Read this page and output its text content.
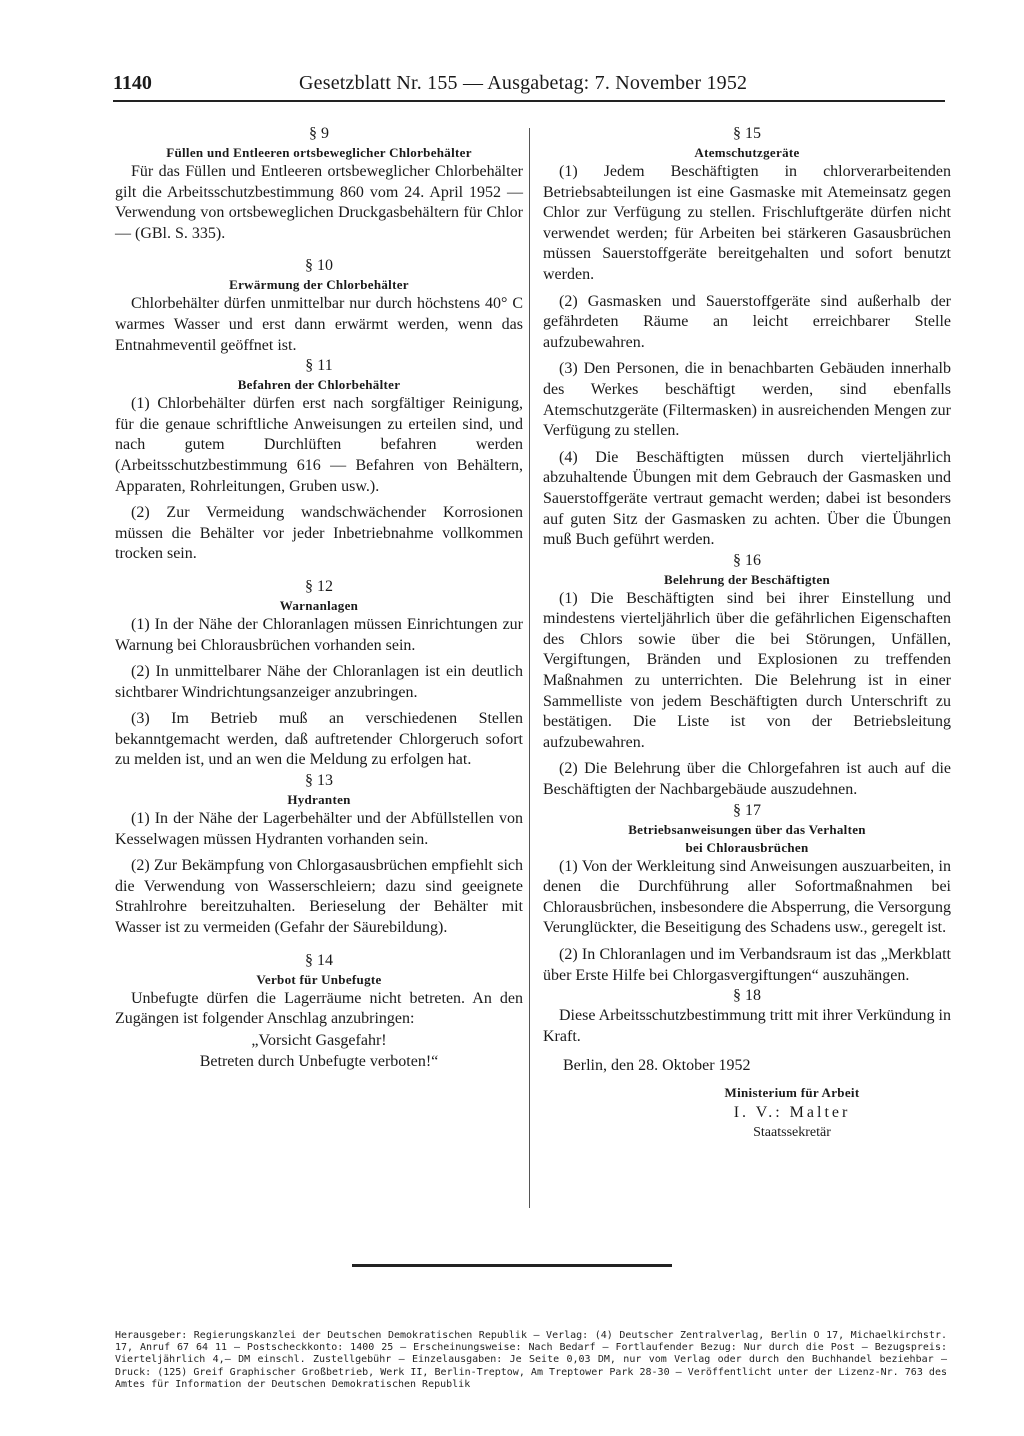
1140	Gesetzblatt Nr. 155 — Ausgabetag: 7. November 1952
§ 9
Füllen und Entleeren ortsbeweglicher Chlorbehälter

Für das Füllen und Entleeren ortsbeweglicher Chlorbehälter gilt die Arbeitsschutzbestimmung 860 vom 24. April 1952 — Verwendung von ortsbeweglichen Druckgasbehältern für Chlor — (GBl. S. 335).

§ 10
Erwärmung der Chlorbehälter

Chlorbehälter dürfen unmittelbar nur durch höchstens 40° C warmes Wasser und erst dann erwärmt werden, wenn das Entnahmeventil geöffnet ist.

§ 11
Befahren der Chlorbehälter

(1) Chlorbehälter dürfen erst nach sorgfältiger Reinigung, für die genaue schriftliche Anweisungen zu erteilen sind, und nach gutem Durchlüften befahren werden (Arbeitsschutzbestimmung 616 — Befahren von Behältern, Apparaten, Rohrleitungen, Gruben usw.).

(2) Zur Vermeidung wandschwächender Korrosionen müssen die Behälter vor jeder Inbetriebnahme vollkommen trocken sein.

§ 12
Warnanlagen

(1) In der Nähe der Chloranlagen müssen Einrichtungen zur Warnung bei Chlorausbrüchen vorhanden sein.

(2) In unmittelbarer Nähe der Chloranlagen ist ein deutlich sichtbarer Windrichtungsanzeiger anzubringen.

(3) Im Betrieb muß an verschiedenen Stellen bekanntgemacht werden, daß auftretender Chlorgeruch sofort zu melden ist, und an wen die Meldung zu erfolgen hat.

§ 13
Hydranten

(1) In der Nähe der Lagerbehälter und der Abfüllstellen von Kesselwagen müssen Hydranten vorhanden sein.

(2) Zur Bekämpfung von Chlorgasausbrüchen empfiehlt sich die Verwendung von Wasserschleiern; dazu sind geeignete Strahlrohre bereitzuhalten. Berieselung der Behälter mit Wasser ist zu vermeiden (Gefahr der Säurebildung).

§ 14
Verbot für Unbefugte

Unbefugte dürfen die Lagerräume nicht betreten. An den Zugängen ist folgender Anschlag anzubringen:

„Vorsicht Gasgefahr!
Betreten durch Unbefugte verboten!“
§ 15
Atemschutzgeräte

(1) Jedem Beschäftigten in chlorverarbeitenden Betriebsabteilungen ist eine Gasmaske mit Atemeinsatz gegen Chlor zur Verfügung zu stellen. Frischluftgeräte dürfen nicht verwendet werden; für Arbeiten bei stärkeren Gasausbrüchen müssen Sauerstoffgeräte bereitgehalten und sofort benutzt werden.

(2) Gasmasken und Sauerstoffgeräte sind außerhalb der gefährdeten Räume an leicht erreichbarer Stelle aufzubewahren.

(3) Den Personen, die in benachbarten Gebäuden innerhalb des Werkes beschäftigt werden, sind ebenfalls Atemschutzgeräte (Filtermasken) in ausreichenden Mengen zur Verfügung zu stellen.

(4) Die Beschäftigten müssen durch vierteljährlich abzuhaltende Übungen mit dem Gebrauch der Gasmasken und Sauerstoffgeräte vertraut gemacht werden; dabei ist besonders auf guten Sitz der Gasmasken zu achten. Über die Übungen muß Buch geführt werden.

§ 16
Belehrung der Beschäftigten

(1) Die Beschäftigten sind bei ihrer Einstellung und mindestens vierteljährlich über die gefährlichen Eigenschaften des Chlors sowie über die bei Störungen, Unfällen, Vergiftungen, Bränden und Explosionen zu treffenden Maßnahmen zu unterrichten. Die Belehrung ist in einer Sammelliste von jedem Beschäftigten durch Unterschrift zu bestätigen. Die Liste ist von der Betriebsleitung aufzubewahren.

(2) Die Belehrung über die Chlorgefahren ist auch auf die Beschäftigten der Nachbargebäude auszudehnen.

§ 17
Betriebsanweisungen über das Verhalten
bei Chlorausbrüchen

(1) Von der Werkleitung sind Anweisungen auszuarbeiten, in denen die Durchführung aller Sofortmaßnahmen bei Chlorausbrüchen, insbesondere die Absperrung, die Versorgung Verunglückter, die Beseitigung des Schadens usw., geregelt ist.

(2) In Chloranlagen und im Verbandsraum ist das „Merkblatt über Erste Hilfe bei Chlorgasvergiftungen“ auszuhängen.

§ 18

Diese Arbeitsschutzbestimmung tritt mit ihrer Verkündung in Kraft.

Berlin, den 28. Oktober 1952
Ministerium für Arbeit
I. V.: Malter
Staatssekretär
Herausgeber: Regierungskanzlei der Deutschen Demokratischen Republik — Verlag: (4) Deutscher Zentralverlag, Berlin O 17, Michaelkirchstr. 17, Anruf 67 64 11 — Postscheckkonto: 1400 25 — Erscheinungsweise: Nach Bedarf — Fortlaufender Bezug: Nur durch die Post — Bezugspreis: Vierteljährlich 4,— DM einschl. Zustellgebühr — Einzelausgaben: Je Seite 0,03 DM, nur vom Verlag oder durch den Buchhandel beziehbar — Druck: (125) Greif Graphischer Großbetrieb, Werk II, Berlin-Treptow, Am Treptower Park 28-30 — Veröffentlicht unter der Lizenz-Nr. 763 des Amtes für Information der Deutschen Demokratischen Republik
